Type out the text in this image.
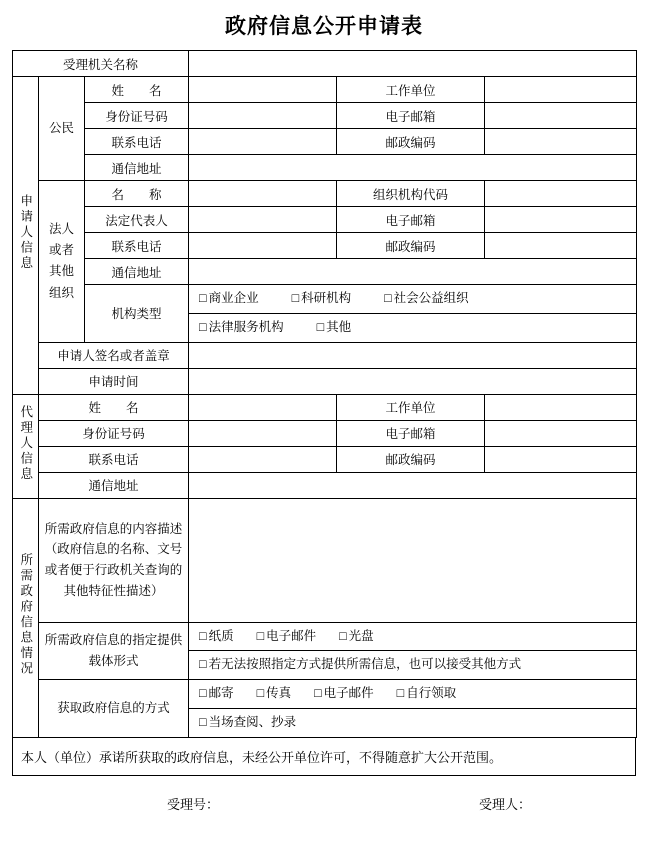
政府信息公开申请表
受理机关名称					
申请人信息	公民	姓　　名		工作单位	
		身份证号码		电子邮箱	
		联系电话		邮政编码	
		通信地址			

	法人
或者
其他
组织	名　　称		组织机构代码	
		法定代表人		电子邮箱	
		联系电话		邮政编码	
		通信地址			
		机构类型	□ 商业企业 □ 科研机构 □ 社会公益组织		

			□ 法律服务机构 □ 其他		

	申请人签名或者盖章				
	申请时间				
代理人信息	姓　　名			工作单位	
	身份证号码			电子邮箱	
	联系电话			邮政编码	
	通信地址				
所需政府信息情况	所需政府信息的内容描述（政府信息的名称、文号或者便于行政机关查询的其他特征性描述）				
	所需政府信息的指定提供载体形式		□ 纸质 □ 电子邮件 □ 光盘		

			□ 若无法按照指定方式提供所需信息，也可以接受其他方式		

	获取政府信息的方式		□ 邮寄 □ 传真 □ 电子邮件 □ 自行领取		

			□ 当场查阅、抄录		
本人（单位）承诺所获取的政府信息，未经公开单位许可，不得随意扩大公开范围。
受理号：	受理人：
